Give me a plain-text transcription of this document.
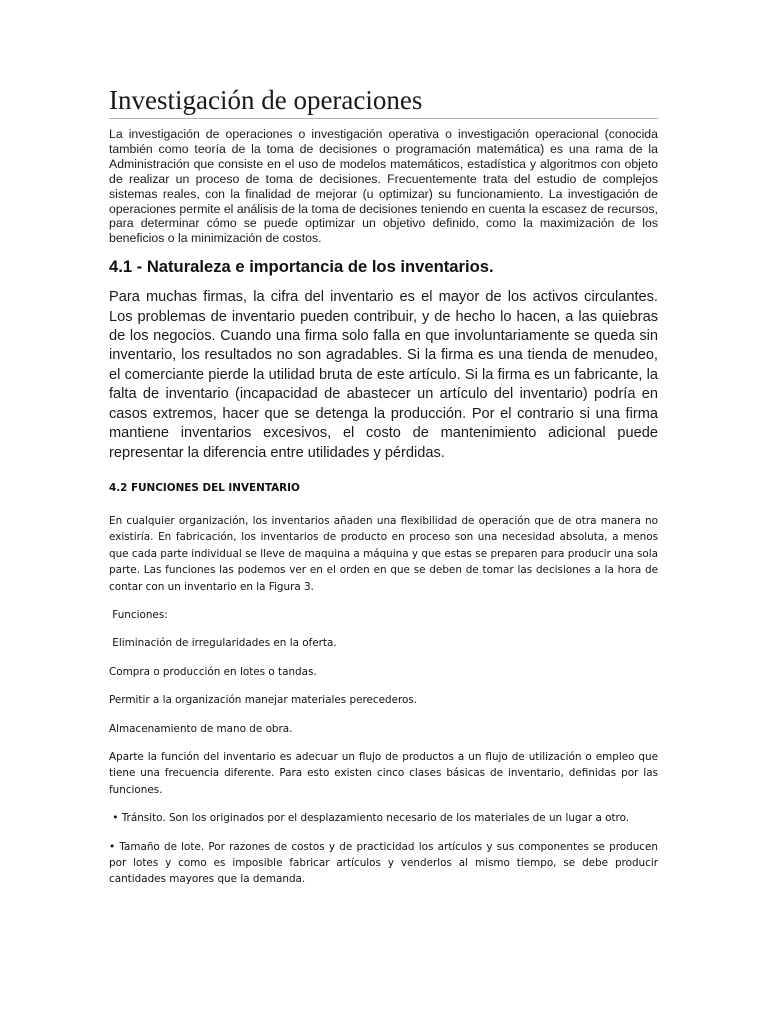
Investigación de operaciones

La investigación de operaciones o investigación operativa o investigación operacional (conocida también como teoría de la toma de decisiones o programación matemática) es una rama de la Administración que consiste en el uso de modelos matemáticos, estadística y algoritmos con objeto de realizar un proceso de toma de decisiones. Frecuentemente trata del estudio de complejos sistemas reales, con la finalidad de mejorar (u optimizar) su funcionamiento. La investigación de operaciones permite el análisis de la toma de decisiones teniendo en cuenta la escasez de recursos, para determinar cómo se puede optimizar un objetivo definido, como la maximización de los beneficios o la minimización de costos.

4.1 - Naturaleza e importancia de los inventarios.

Para muchas firmas, la cifra del inventario es el mayor de los activos circulantes. Los problemas de inventario pueden contribuir, y de hecho lo hacen, a las quiebras de los negocios. Cuando una firma solo falla en que involuntariamente se queda sin inventario, los resultados no son agradables. Si la firma es una tienda de menudeo, el comerciante pierde la utilidad bruta de este artículo. Si la firma es un fabricante, la falta de inventario (incapacidad de abastecer un artículo del inventario) podría en casos extremos, hacer que se detenga la producción. Por el contrario si una firma mantiene inventarios excesivos, el costo de mantenimiento adicional puede representar la diferencia entre utilidades y pérdidas.

4.2 FUNCIONES DEL INVENTARIO

En cualquier organización, los inventarios añaden una flexibilidad de operación que de otra manera no existiría. En fabricación, los inventarios de producto en proceso son una necesidad absoluta, a menos que cada parte individual se lleve de maquina a máquina y que estas se preparen para producir una sola parte. Las funciones las podemos ver en el orden en que se deben de tomar las decisiones a la hora de contar con un inventario en la Figura 3.

Funciones:

Eliminación de irregularidades en la oferta.

Compra o producción en lotes o tandas.

Permitir a la organización manejar materiales perecederos.

Almacenamiento de mano de obra.

Aparte la función del inventario es adecuar un flujo de productos a un flujo de utilización o empleo que tiene una frecuencia diferente. Para esto existen cinco clases básicas de inventario, definidas por las funciones.

• Tránsito. Son los originados por el desplazamiento necesario de los materiales de un lugar a otro.

• Tamaño de lote. Por razones de costos y de practicidad los artículos y sus componentes se producen por lotes y como es imposible fabricar artículos y venderlos al mismo tiempo, se debe producir cantidades mayores que la demanda.
